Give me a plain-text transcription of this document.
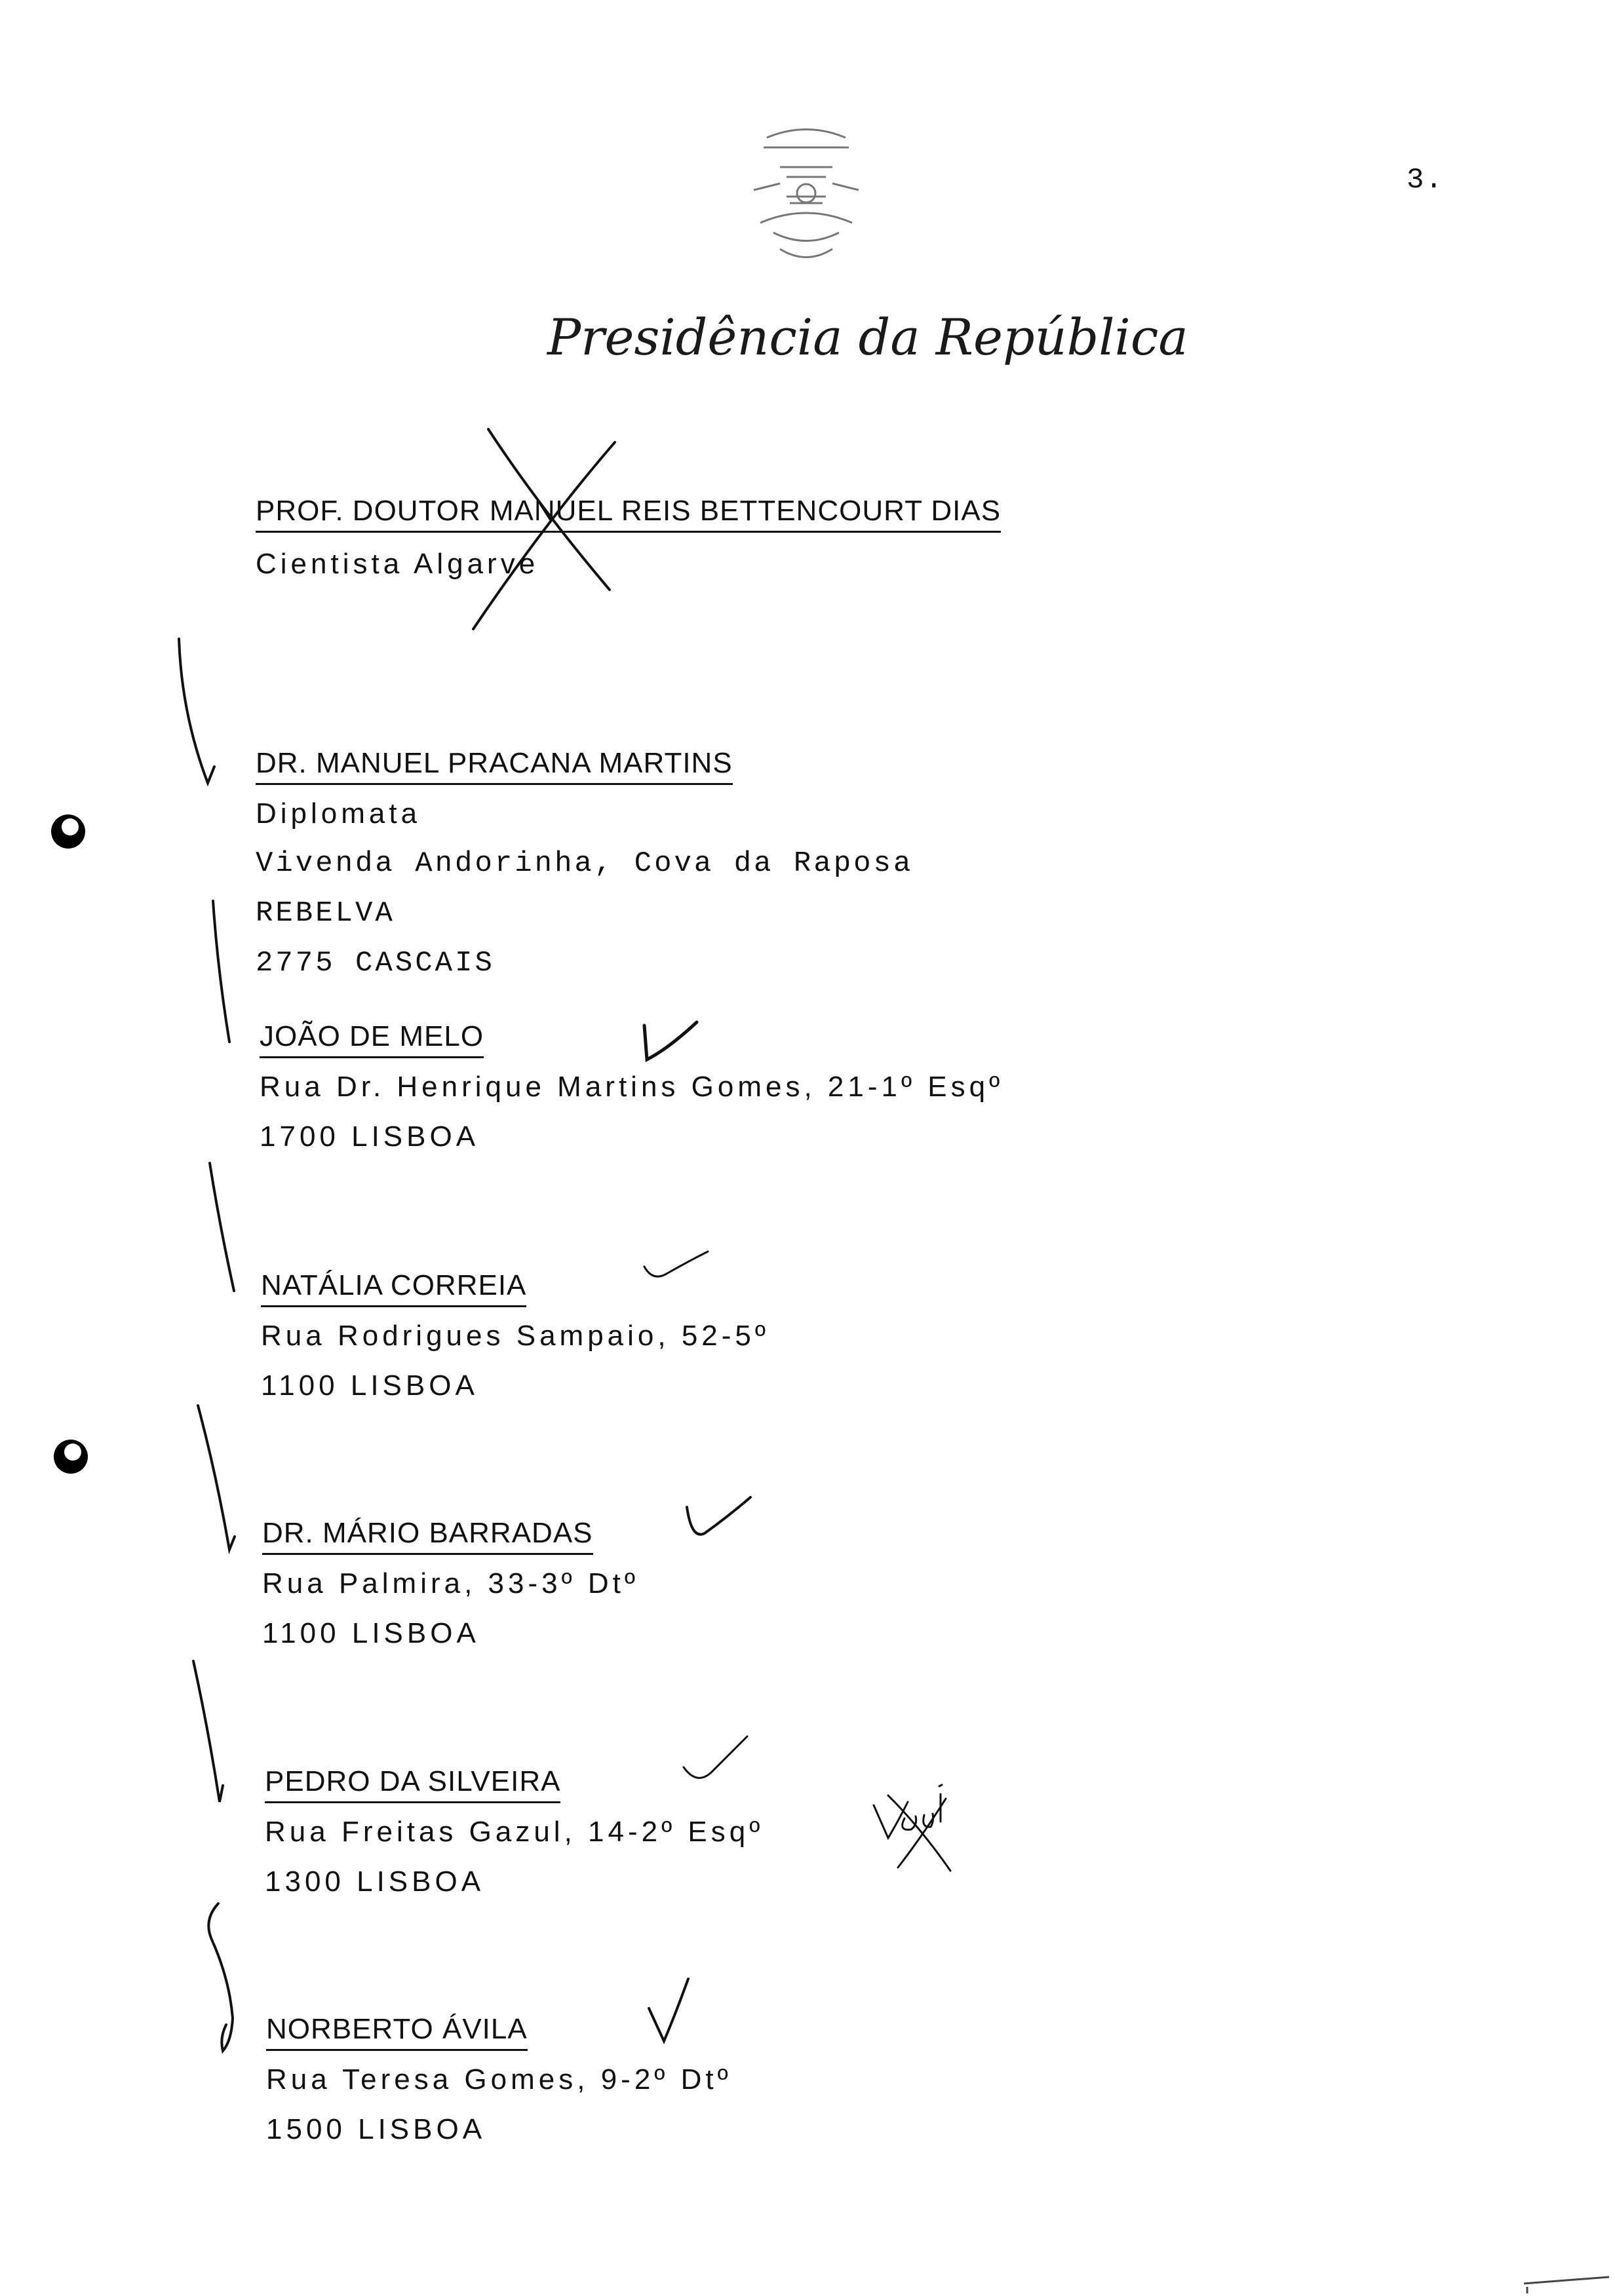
3.
Presidência da República
PROF. DOUTOR MANUEL REIS BETTENCOURT DIAS
Cientista Algarve
DR. MANUEL PRACANA MARTINS
Diplomata
Vivenda Andorinha, Cova da Raposa
REBELVA
2775 CASCAIS
JOÃO DE MELO
Rua Dr. Henrique Martins Gomes, 21-1º Esqº
1700 LISBOA
NATÁLIA CORREIA
Rua Rodrigues Sampaio, 52-5º
1100 LISBOA
DR. MÁRIO BARRADAS
Rua Palmira, 33-3º Dtº
1100 LISBOA
PEDRO DA SILVEIRA
Rua Freitas Gazul, 14-2º Esqº
1300 LISBOA
NORBERTO ÁVILA
Rua Teresa Gomes, 9-2º Dtº
1500 LISBOA
